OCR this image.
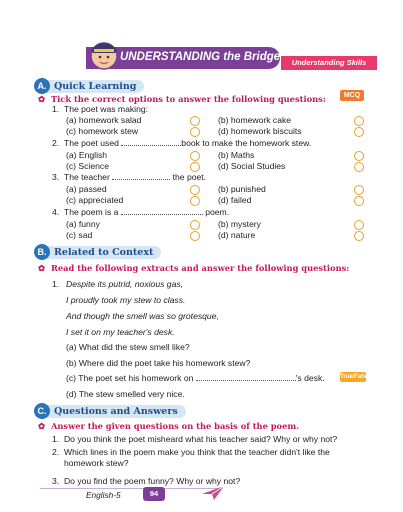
UNDERSTANDING the Bridge	Understanding Skills
Quick Learning
A.
✿ Tick the correct options to answer the following questions:	MCQ
1. The poet was making:
(a) homework salad	(b) homework cake
(c) homework stew	(d) homework biscuits
2. The poet used	book to make the homework stew.
(a) English	(b) Maths
(c) Science	(d) Social Studies
3. The teacher	the poet.
(a) passed	(b) punished
(c) appreciated	(d) failed
4. The poem is a	poem.
(a) funny	(b) mystery
(c) sad	(d) nature
Related to Context
B.
✿ Read the following extracts and answer the following questions:
1. Despite its putrid, noxious gas,
I proudly took my stew to class.
And though the smell was so grotesque,
I set it on my teacher's desk.
(a) What did the stew smell like?
(b) Where did the poet take his homework stew?
(c) The poet set his homework on	's desk.
(d) The stew smelled very nice.
True/False
Questions and Answers
C.
✿ Answer the given questions on the basis of the poem.
1. Do you think the poet misheard what his teacher said? Why or why not?
2. Which lines in the poem make you think that the teacher didn't like the
homework stew?
3. Do you find the poem funny? Why or why not?
English-5	94
